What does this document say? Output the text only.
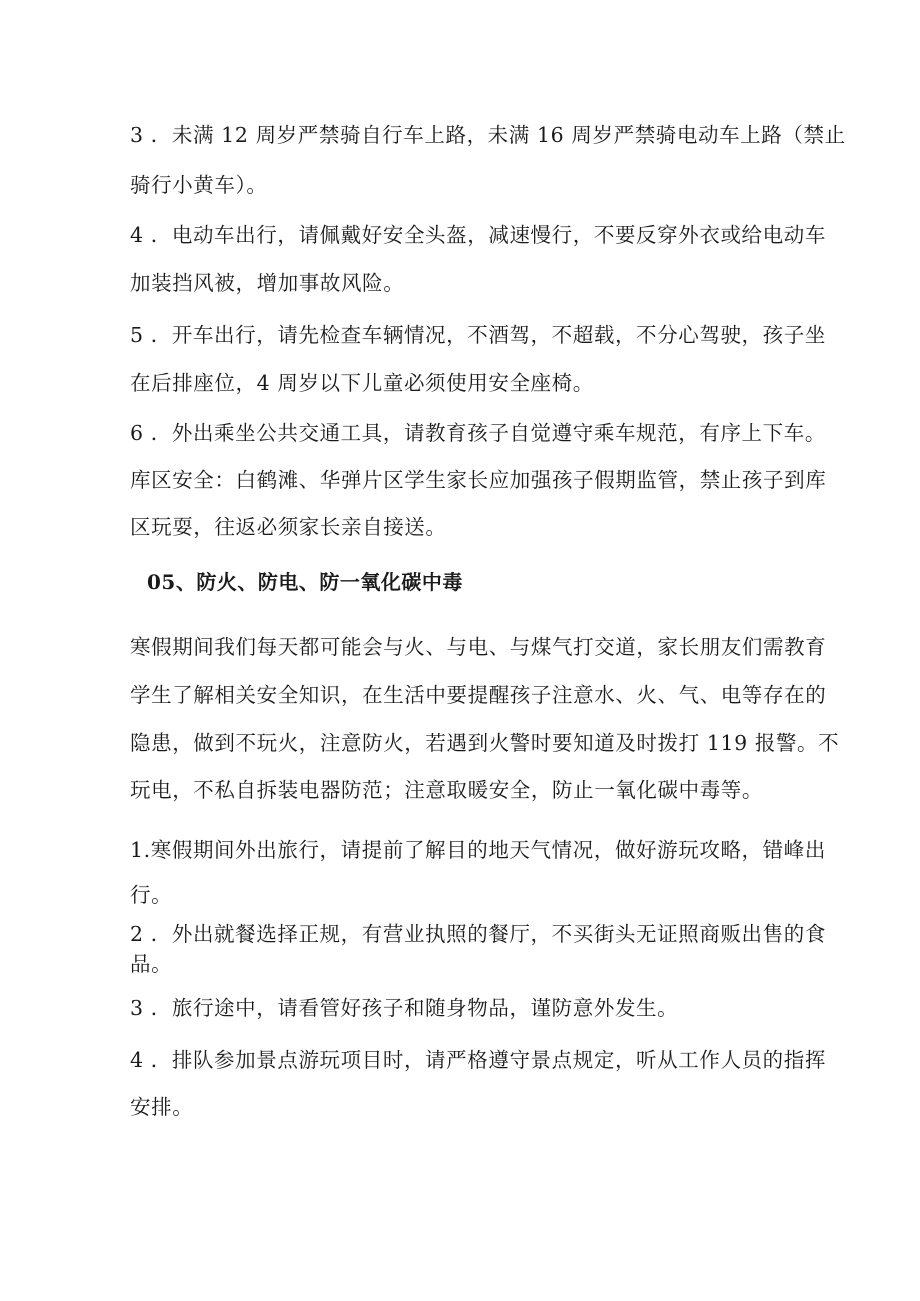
3 ．未满 12 周岁严禁骑自行车上路，未满 16 周岁严禁骑电动车上路（禁止
骑行小黄车）。
4 ．电动车出行，请佩戴好安全头盔，减速慢行，不要反穿外衣或给电动车
加装挡风被，增加事故风险。
5 ．开车出行，请先检查车辆情况，不酒驾，不超载，不分心驾驶，孩子坐
在后排座位，4 周岁以下儿童必须使用安全座椅。
6 ．外出乘坐公共交通工具，请教育孩子自觉遵守乘车规范，有序上下车。
库区安全：白鹤滩、华弹片区学生家长应加强孩子假期监管，禁止孩子到库
区玩耍，往返必须家长亲自接送。
05、防火、防电、防一氧化碳中毒
寒假期间我们每天都可能会与火、与电、与煤气打交道，家长朋友们需教育
学生了解相关安全知识，在生活中要提醒孩子注意水、火、气、电等存在的
隐患，做到不玩火，注意防火，若遇到火警时要知道及时拨打 119 报警。不
玩电，不私自拆装电器防范；注意取暖安全，防止一氧化碳中毒等。
1.寒假期间外出旅行，请提前了解目的地天气情况，做好游玩攻略，错峰出
行。
2 ．外出就餐选择正规，有营业执照的餐厅，不买街头无证照商贩出售的食
品。
3 ．旅行途中，请看管好孩子和随身物品，谨防意外发生。
4 ．排队参加景点游玩项目时，请严格遵守景点规定，听从工作人员的指挥
安排。
